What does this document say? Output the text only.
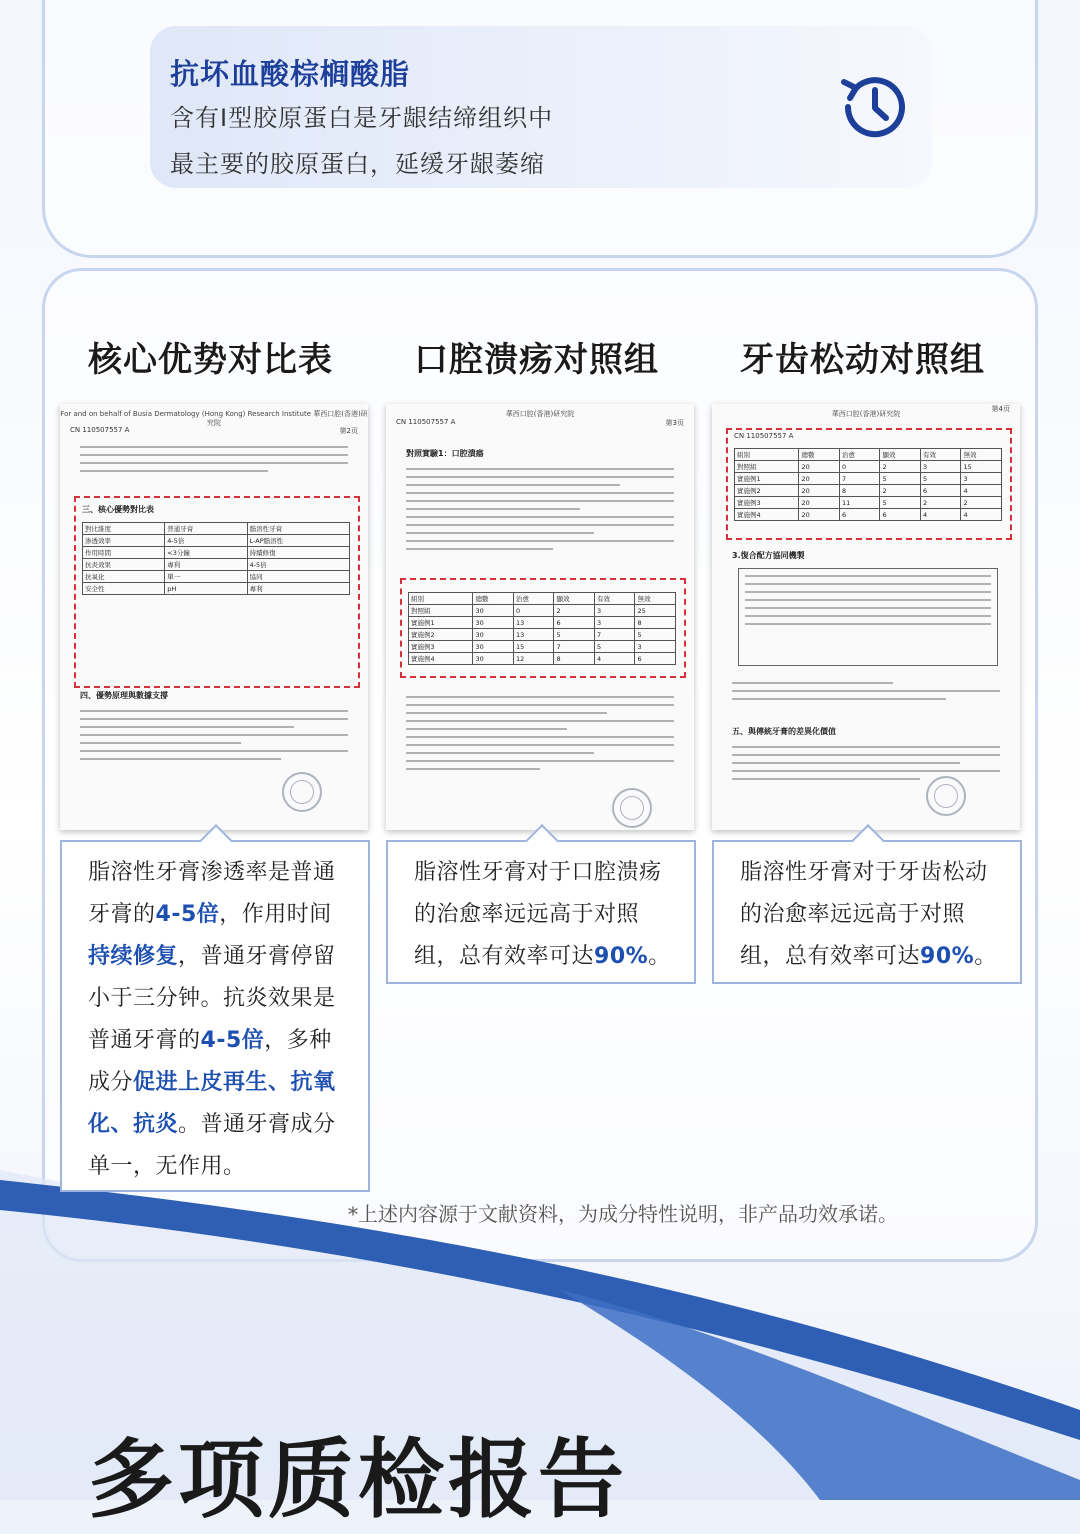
抗坏血酸棕榈酸脂
含有Ⅰ型胶原蛋白是牙龈结缔组织中
最主要的胶原蛋白，延缓牙龈萎缩
核心优势对比表 口腔溃疡对照组 牙齿松动对照组
For and on behalf of Busia Dermatology (Hong Kong) Research Institute 華西口腔(香港)研究院
CN 110507557 A	第2页
三、核心優勢對比表
對比維度	普通牙膏	脂溶性牙膏
渗透效率	4-5倍	L-AP脂溶性
作用時間	<3分鐘	持續修復
抗炎效果	專利	4-5倍
抗氧化	單一	協同
安全性	pH	專利
四、優勢原理與數據支撐
CN 110507557 A
華西口腔(香港)研究院
第3页
對照實驗1：口腔潰瘍
組別	總數	治愈	顯效	有效	無效
對照組	30	0	2	3	25
實施例1	30	13	6	3	8
實施例2	30	13	5	7	5
實施例3	30	15	7	5	3
實施例4	30	12	8	4	6
華西口腔(香港)研究院
CN 110507557 A
組別	總數	治愈	顯效	有效	無效
對照組	20	0	2	3	15
實施例1	20	7	5	5	3
實施例2	20	8	2	6	4
實施例3	20	11	5	2	2
實施例4	20	6	6	4	4
第4页
3.復合配方協同機製
五、與傳統牙膏的差異化價值

脂溶性牙膏渗透率是普通牙膏的4-5倍，作用时间持续修复，普通牙膏停留小于三分钟。抗炎效果是普通牙膏的4-5倍，多种成分促进上皮再生、抗氧化、抗炎。普通牙膏成分单一，无作用。

脂溶性牙膏对于口腔溃疡的治愈率远远高于对照组，总有效率可达90%。

脂溶性牙膏对于牙齿松动的治愈率远远高于对照组，总有效率可达90%。

*上述内容源于文献资料，为成分特性说明，非产品功效承诺。
多项质检报告
